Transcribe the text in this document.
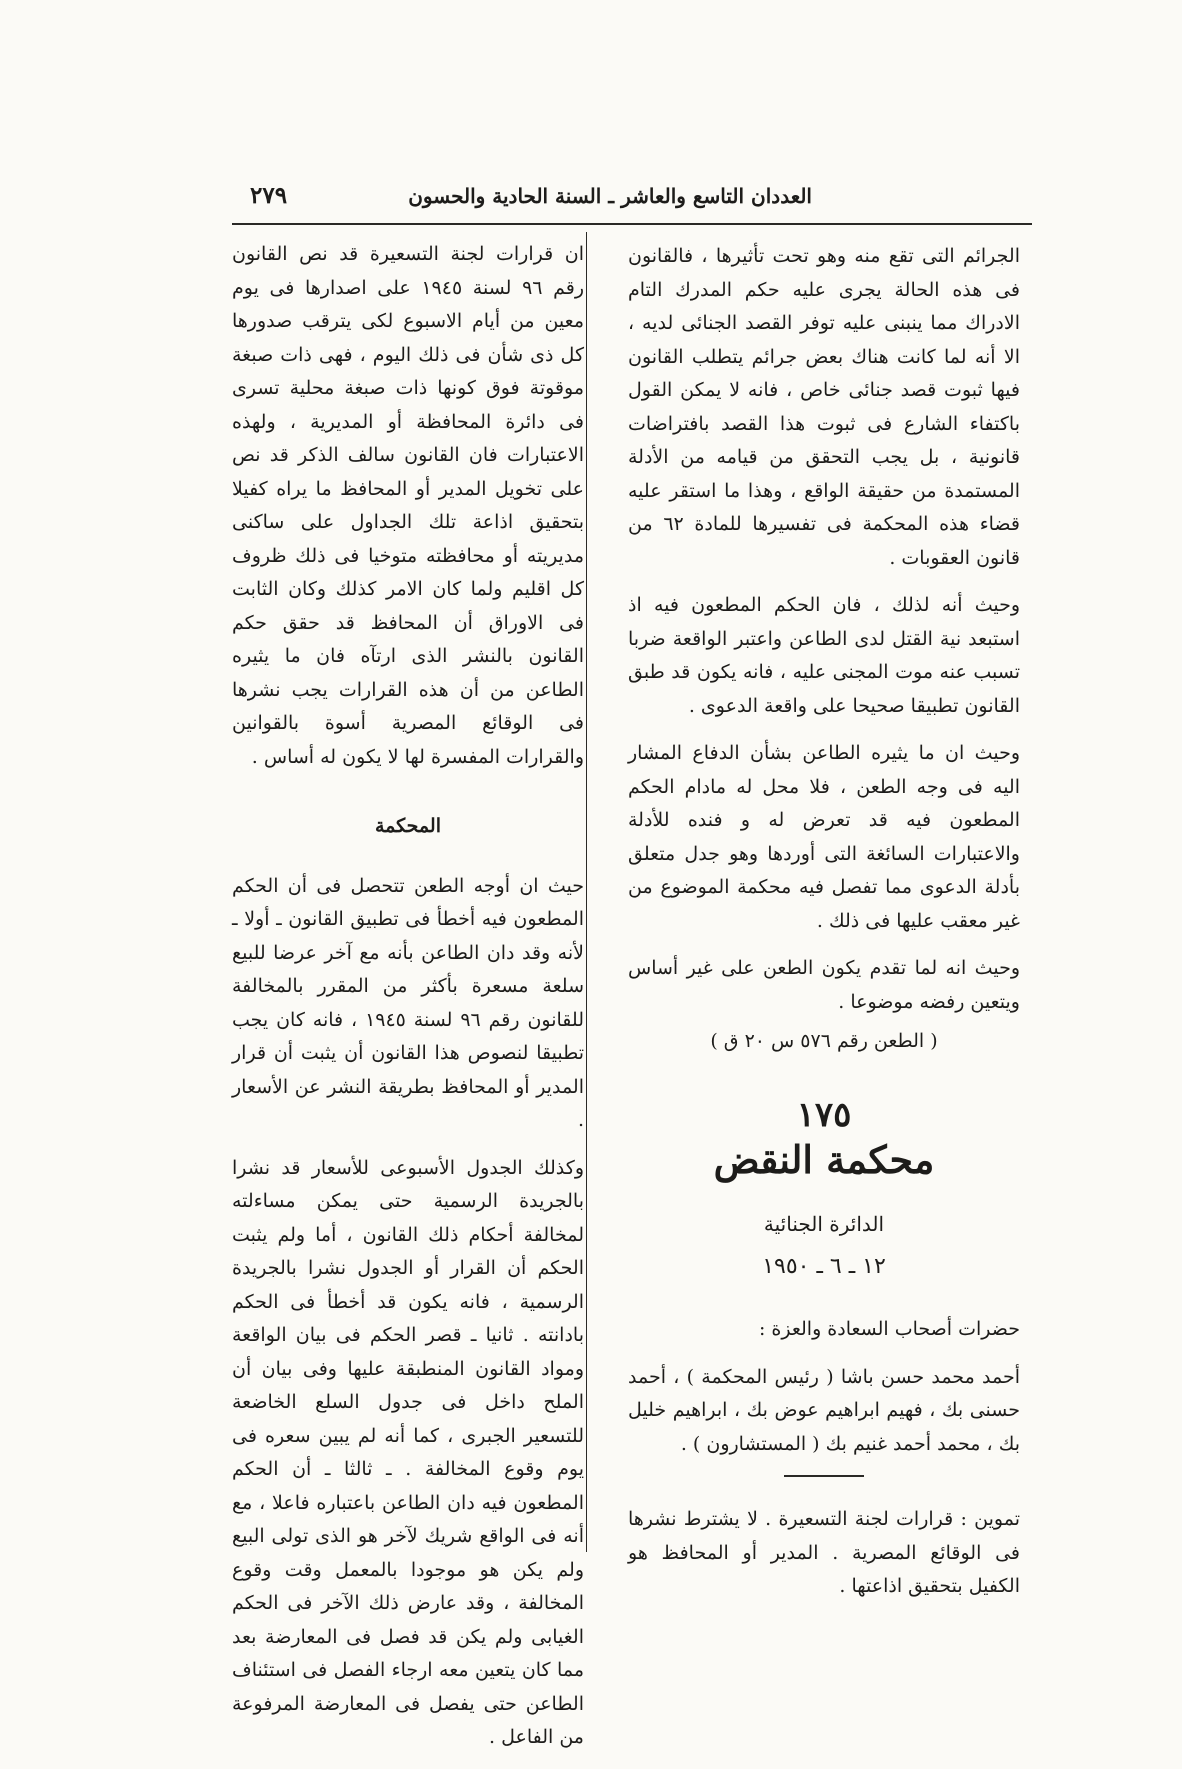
٢٧٩	العددان التاسع والعاشر ـ السنة الحادية والحسون

الجرائم التى تقع منه وهو تحت تأثيرها ، فالقانون فى هذه الحالة يجرى عليه حكم المدرك التام الادراك مما ينبنى عليه توفر القصد الجنائى لديه ، الا أنه لما كانت هناك بعض جرائم يتطلب القانون فيها ثبوت قصد جنائى خاص ، فانه لا يمكن القول باكتفاء الشارع فى ثبوت هذا القصد بافتراضات قانونية ، بل يجب التحقق من قيامه من الأدلة المستمدة من حقيقة الواقع ، وهذا ما استقر عليه قضاء هذه المحكمة فى تفسيرها للمادة ٦٢ من قانون العقوبات .

وحيث أنه لذلك ، فان الحكم المطعون فيه اذ استبعد نية القتل لدى الطاعن واعتبر الواقعة ضربا تسبب عنه موت المجنى عليه ، فانه يكون قد طبق القانون تطبيقا صحيحا على واقعة الدعوى .

وحيث ان ما يثيره الطاعن بشأن الدفاع المشار اليه فى وجه الطعن ، فلا محل له مادام الحكم المطعون فيه قد تعرض له و فنده للأدلة والاعتبارات السائغة التى أوردها وهو جدل متعلق بأدلة الدعوى مما تفصل فيه محكمة الموضوع من غير معقب عليها فى ذلك .

وحيث انه لما تقدم يكون الطعن على غير أساس ويتعين رفضه موضوعا .

( الطعن رقم ٥٧٦ س ٢٠ ق )
١٧٥
محكمة النقض
الدائرة الجنائية
١٢ ـ ٦ ـ ١٩٥٠

حضرات أصحاب السعادة والعزة :

أحمد محمد حسن باشا ( رئيس المحكمة ) ، أحمد حسنى بك ، فهيم ابراهيم عوض بك ، ابراهيم خليل بك ، محمد أحمد غنيم بك ( المستشارون ) .

تموين : قرارات لجنة التسعيرة . لا يشترط نشرها فى الوقائع المصرية . المدير أو المحافظ هو الكفيل بتحقيق اذاعتها .

ان قرارات لجنة التسعيرة قد نص القانون رقم ٩٦ لسنة ١٩٤٥ على اصدارها فى يوم معين من أيام الاسبوع لكى يترقب صدورها كل ذى شأن فى ذلك اليوم ، فهى ذات صبغة موقوتة فوق كونها ذات صبغة محلية تسرى فى دائرة المحافظة أو المديرية ، ولهذه الاعتبارات فان القانون سالف الذكر قد نص على تخويل المدير أو المحافظ ما يراه كفيلا بتحقيق اذاعة تلك الجداول على ساكنى مديريته أو محافظته متوخيا فى ذلك ظروف كل اقليم ولما كان الامر كذلك وكان الثابت فى الاوراق أن المحافظ قد حقق حكم القانون بالنشر الذى ارتآه فان ما يثيره الطاعن من أن هذه القرارات يجب نشرها فى الوقائع المصرية أسوة بالقوانين والقرارات المفسرة لها لا يكون له أساس .

المحكمة

حيث ان أوجه الطعن تتحصل فى أن الحكم المطعون فيه أخطأ فى تطبيق القانون ـ أولا ـ لأنه وقد دان الطاعن بأنه مع آخر عرضا للبيع سلعة مسعرة بأكثر من المقرر بالمخالفة للقانون رقم ٩٦ لسنة ١٩٤٥ ، فانه كان يجب تطبيقا لنصوص هذا القانون أن يثبت أن قرار المدير أو المحافظ بطريقة النشر عن الأسعار .

وكذلك الجدول الأسبوعى للأسعار قد نشرا بالجريدة الرسمية حتى يمكن مساءلته لمخالفة أحكام ذلك القانون ، أما ولم يثبت الحكم أن القرار أو الجدول نشرا بالجريدة الرسمية ، فانه يكون قد أخطأ فى الحكم بادانته . ثانيا ـ قصر الحكم فى بيان الواقعة ومواد القانون المنطبقة عليها وفى بيان أن الملح داخل فى جدول السلع الخاضعة للتسعير الجبرى ، كما أنه لم يبين سعره فى يوم وقوع المخالفة . ـ ثالثا ـ أن الحكم المطعون فيه دان الطاعن باعتباره فاعلا ، مع أنه فى الواقع شريك لآخر هو الذى تولى البيع ولم يكن هو موجودا بالمعمل وقت وقوع المخالفة ، وقد عارض ذلك الآخر فى الحكم الغيابى ولم يكن قد فصل فى المعارضة بعد مما كان يتعين معه ارجاء الفصل فى استئناف الطاعن حتى يفصل فى المعارضة المرفوعة من الفاعل .
